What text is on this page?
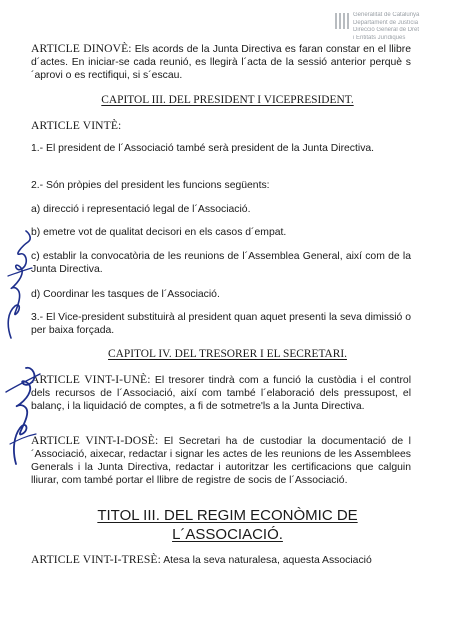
Generalitat de Catalunya
Departament de Justícia
Direcció General de Dret
i Entitats Jurídiques
ARTICLE DINOVÈ: Els acords de la Junta Directiva es faran constar en el llibre d´actes. En iniciar-se cada reunió, es llegirà l´acta de la sessió anterior perquè s´aprovi o es rectifiqui, si s´escau.
CAPITOL III. DEL PRESIDENT I VICEPRESIDENT.
ARTICLE VINTÈ:
1.- El president de l´Associació també serà president de la Junta Directiva.
2.- Són pròpies del president les funcions següents:
a) direcció i representació legal de l´Associació.
b) emetre vot de qualitat decisori en els casos d´empat.
c) establir la convocatòria de les reunions de l´Assemblea General, així com de la Junta Directiva.
d) Coordinar les tasques de l´Associació.
3.- El Vice-president substituirà al president quan aquet presenti la seva dimissió o per baixa forçada.
CAPITOL IV. DEL TRESORER I EL SECRETARI.
ARTICLE VINT-I-UNÈ: El tresorer tindrà com a funció la custòdia i el control dels recursos de l´Associació, així com també l´elaboració dels pressupost, el balanç, i la liquidació de comptes, a fi de sotmetre'ls a la Junta Directiva.
ARTICLE VINT-I-DOSÈ: El Secretari ha de custodiar la documentació de l´Associació, aixecar, redactar i signar les actes de les reunions de les Assemblees Generals i la Junta Directiva, redactar i autoritzar les certificacions que calguin lliurar, com també portar el llibre de registre de socis de l´Associació.
TITOL III. DEL REGIM ECONÒMIC DE
L´ASSOCIACIÓ.
ARTICLE VINT-I-TRESÈ: Atesa la seva naturalesa, aquesta Associació
